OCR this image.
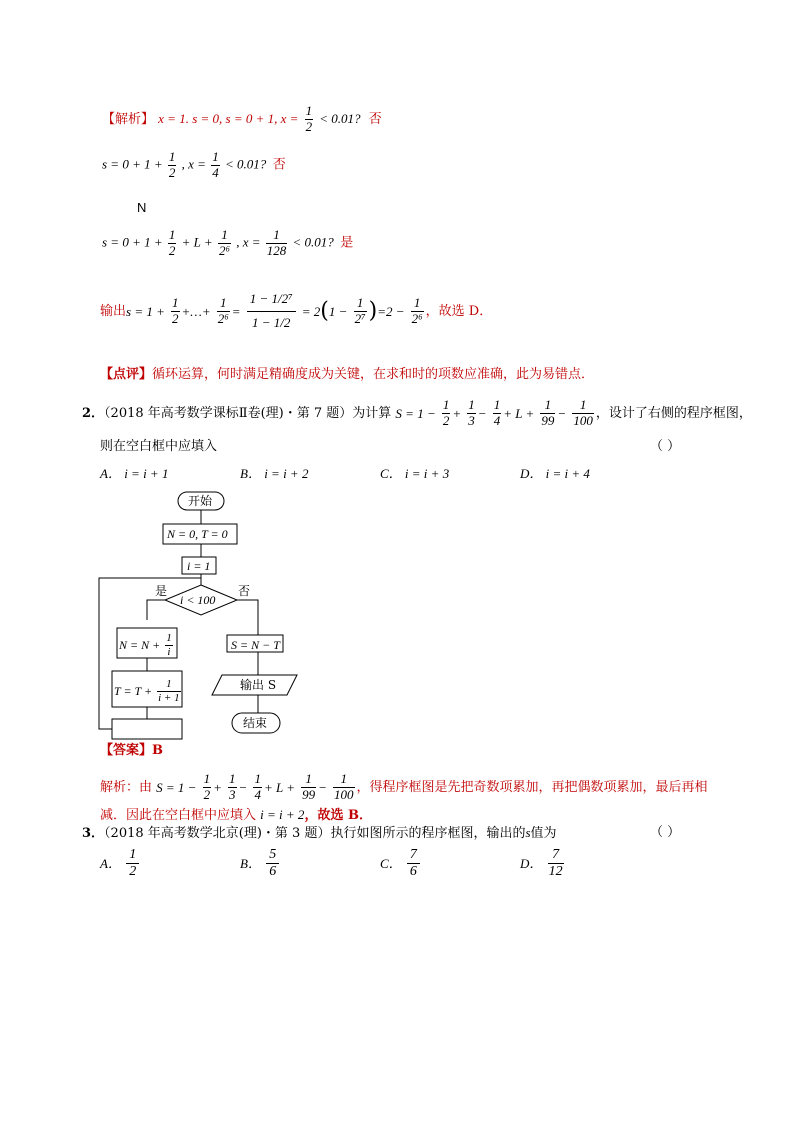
【解析】 x = 1. s = 0, s = 0 + 1, $x = \frac{1}{2} < 0.01$? 否
$s = 0 + 1 + \frac{1}{2}$ , $x = \frac{1}{4} < 0.01$? 否
N
$s = 0 + 1 + \frac{1}{2} + L + \frac{1}{\text{2⁶}}$ , $x = \frac{1}{128} < 0.01$? 是
输出$s = 1 + \frac{1}{2}$ +…+ $\frac{1}{\text{2⁶}} = \frac{\text{1 − 1/2⁷}}{1 - 1/2} = 2(1 - \frac{1}{\text{2⁷}} )=2 - \frac{1}{\text{2⁶}}$ ，故选 D．
【点评】循环运算，何时满足精确度成为关键，在求和时的项数应准确，此为易错点．
2．（2018 年高考数学课标Ⅱ卷(理)・第 7 题）为计算 $S = 1 - \frac{1}{2} + \frac{1}{3} - \frac{1}{4} + L + \frac{1}{99} - \frac{1}{100}$ ，设计了右侧的程序框图，
则在空白框中应填入	（ ）
A． i = i + 1	B． i = i + 2	C． i = i + 3	D． i = i + 4
开始
N = 0, T = 0
i = 1
i < 100
是	否
$N = N + \frac{1}{i}$
$T = T + \frac{1}{i + 1}$
S = N − T
输出 S
结束
【答案】B
解析：由 $S = 1 - \frac{1}{2} + \frac{1}{3} - \frac{1}{4} + L + \frac{1}{99} - \frac{1}{100}$ ，得程序框图是先把奇数项累加，再把偶数项累加，最后再相
减．因此在空白框中应填入 i = i + 2，故选 B．
3．（2018 年高考数学北京(理)・第 3 题）执行如图所示的程序框图，输出的s值为	（ ）
A． $\frac{1}{2}$	B． $\frac{5}{6}$	C． $\frac{7}{6}$	D． $\frac{7}{12}$
